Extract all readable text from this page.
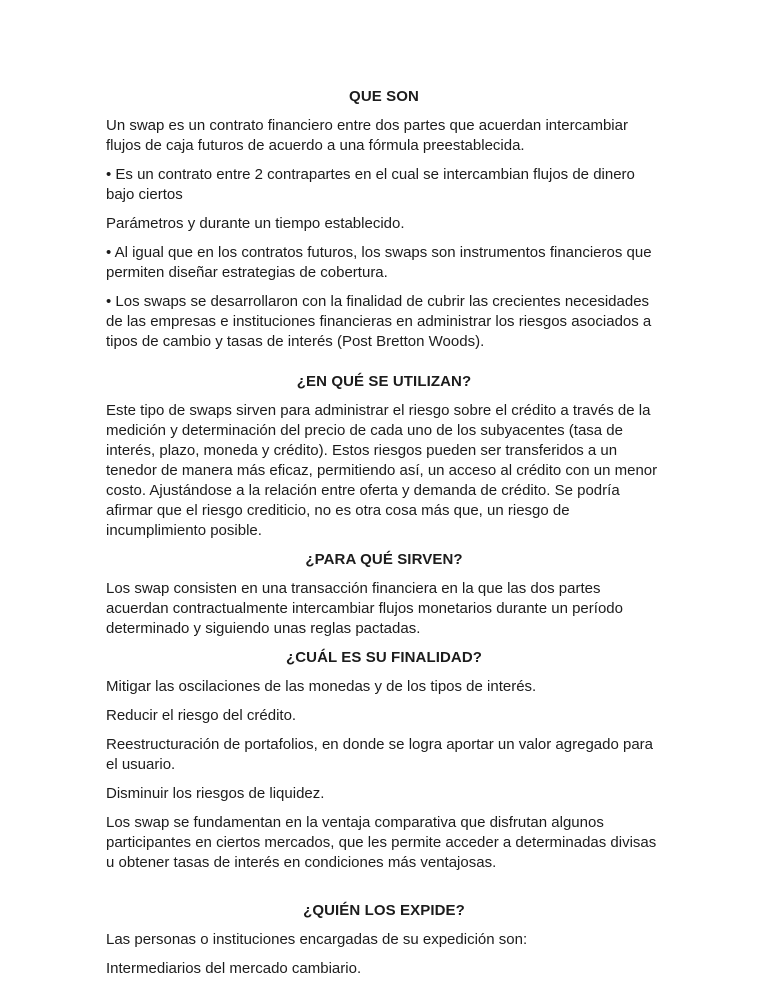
QUE SON

Un swap es un contrato financiero entre dos partes que acuerdan intercambiar flujos de caja futuros de acuerdo a una fórmula preestablecida.

• Es un contrato entre 2 contrapartes en el cual se intercambian flujos de dinero bajo ciertos

Parámetros y durante un tiempo establecido.

• Al igual que en los contratos futuros, los swaps son instrumentos financieros que permiten diseñar estrategias de cobertura.

• Los swaps se desarrollaron con la finalidad de cubrir las crecientes necesidades de las empresas e instituciones financieras en administrar los riesgos asociados a tipos de cambio y tasas de interés (Post Bretton Woods).

¿EN QUÉ SE UTILIZAN?

Este tipo de swaps sirven para administrar el riesgo sobre el crédito a través de la medición y determinación del precio de cada uno de los subyacentes (tasa de interés, plazo, moneda y crédito). Estos riesgos pueden ser transferidos a un tenedor de manera más eficaz, permitiendo así, un acceso al crédito con un menor costo. Ajustándose a la relación entre oferta y demanda de crédito. Se podría afirmar que el riesgo crediticio, no es otra cosa más que, un riesgo de incumplimiento posible.

¿PARA QUÉ SIRVEN?

Los swap consisten en una transacción financiera en la que las dos partes acuerdan contractualmente intercambiar flujos monetarios durante un período determinado y siguiendo unas reglas pactadas.

¿CUÁL ES SU FINALIDAD?

Mitigar las oscilaciones de las monedas y de los tipos de interés.

Reducir el riesgo del crédito.

Reestructuración de portafolios, en donde se logra aportar un valor agregado para el usuario.

Disminuir los riesgos de liquidez.

Los swap se fundamentan en la ventaja comparativa que disfrutan algunos participantes en ciertos mercados, que les permite acceder a determinadas divisas u obtener tasas de interés en condiciones más ventajosas.

¿QUIÉN LOS EXPIDE?

Las personas o instituciones encargadas de su expedición son:

Intermediarios del mercado cambiario.
